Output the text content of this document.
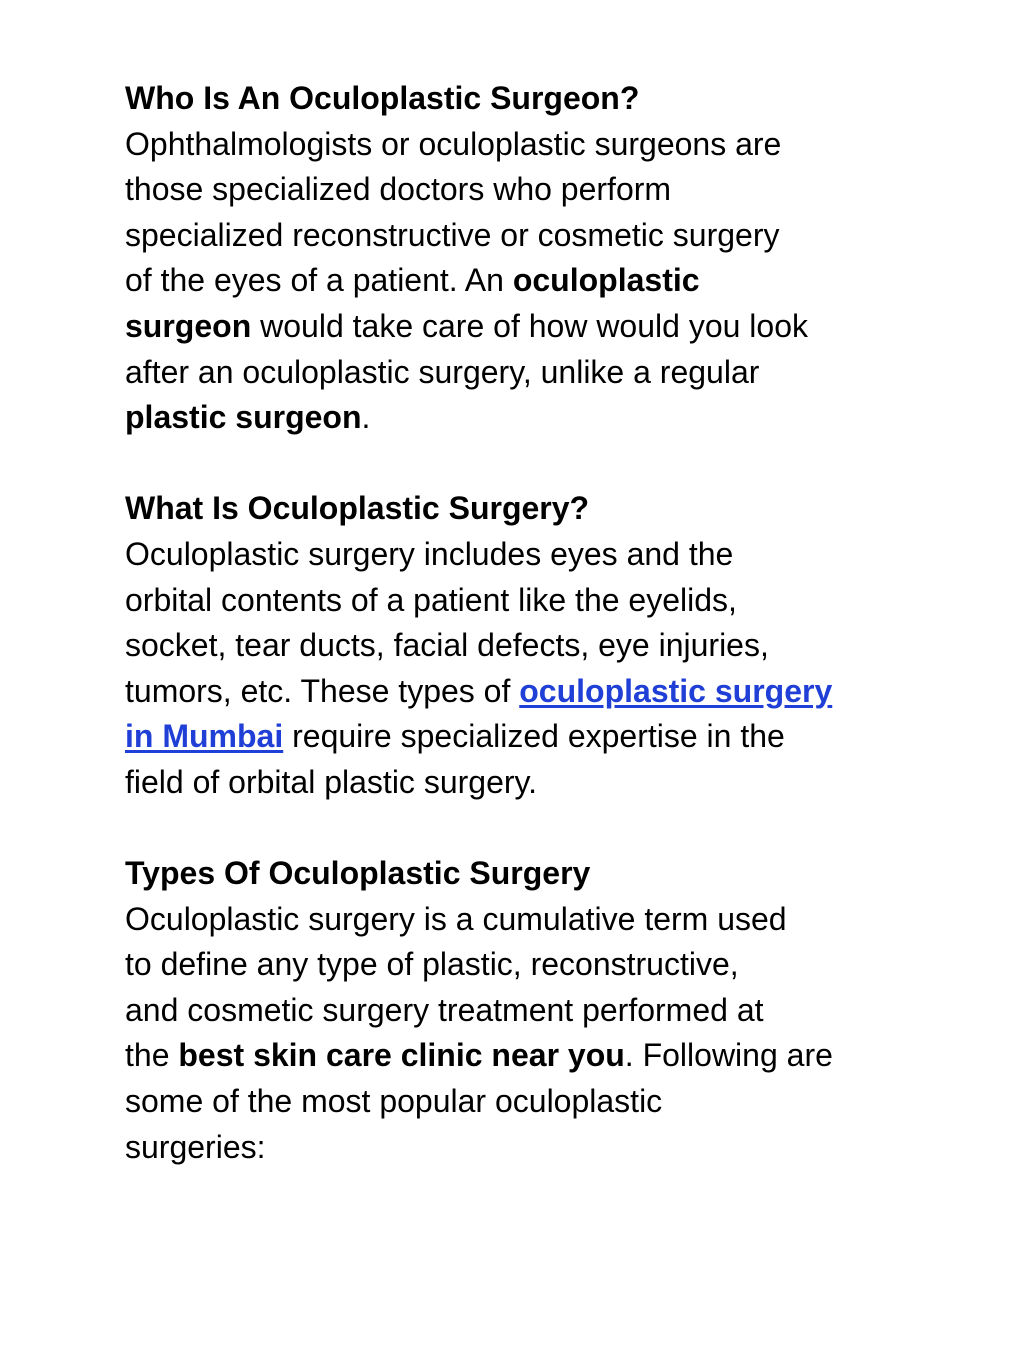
Who Is An Oculoplastic Surgeon?
Ophthalmologists or oculoplastic surgeons are
those specialized doctors who perform
specialized reconstructive or cosmetic surgery
of the eyes of a patient. An oculoplastic
surgeon would take care of how would you look
after an oculoplastic surgery, unlike a regular
plastic surgeon.
What Is Oculoplastic Surgery?
Oculoplastic surgery includes eyes and the
orbital contents of a patient like the eyelids,
socket, tear ducts, facial defects, eye injuries,
tumors, etc. These types of oculoplastic surgery
in Mumbai require specialized expertise in the
field of orbital plastic surgery.
Types Of Oculoplastic Surgery
Oculoplastic surgery is a cumulative term used
to define any type of plastic, reconstructive,
and cosmetic surgery treatment performed at
the best skin care clinic near you. Following are
some of the most popular oculoplastic
surgeries:
